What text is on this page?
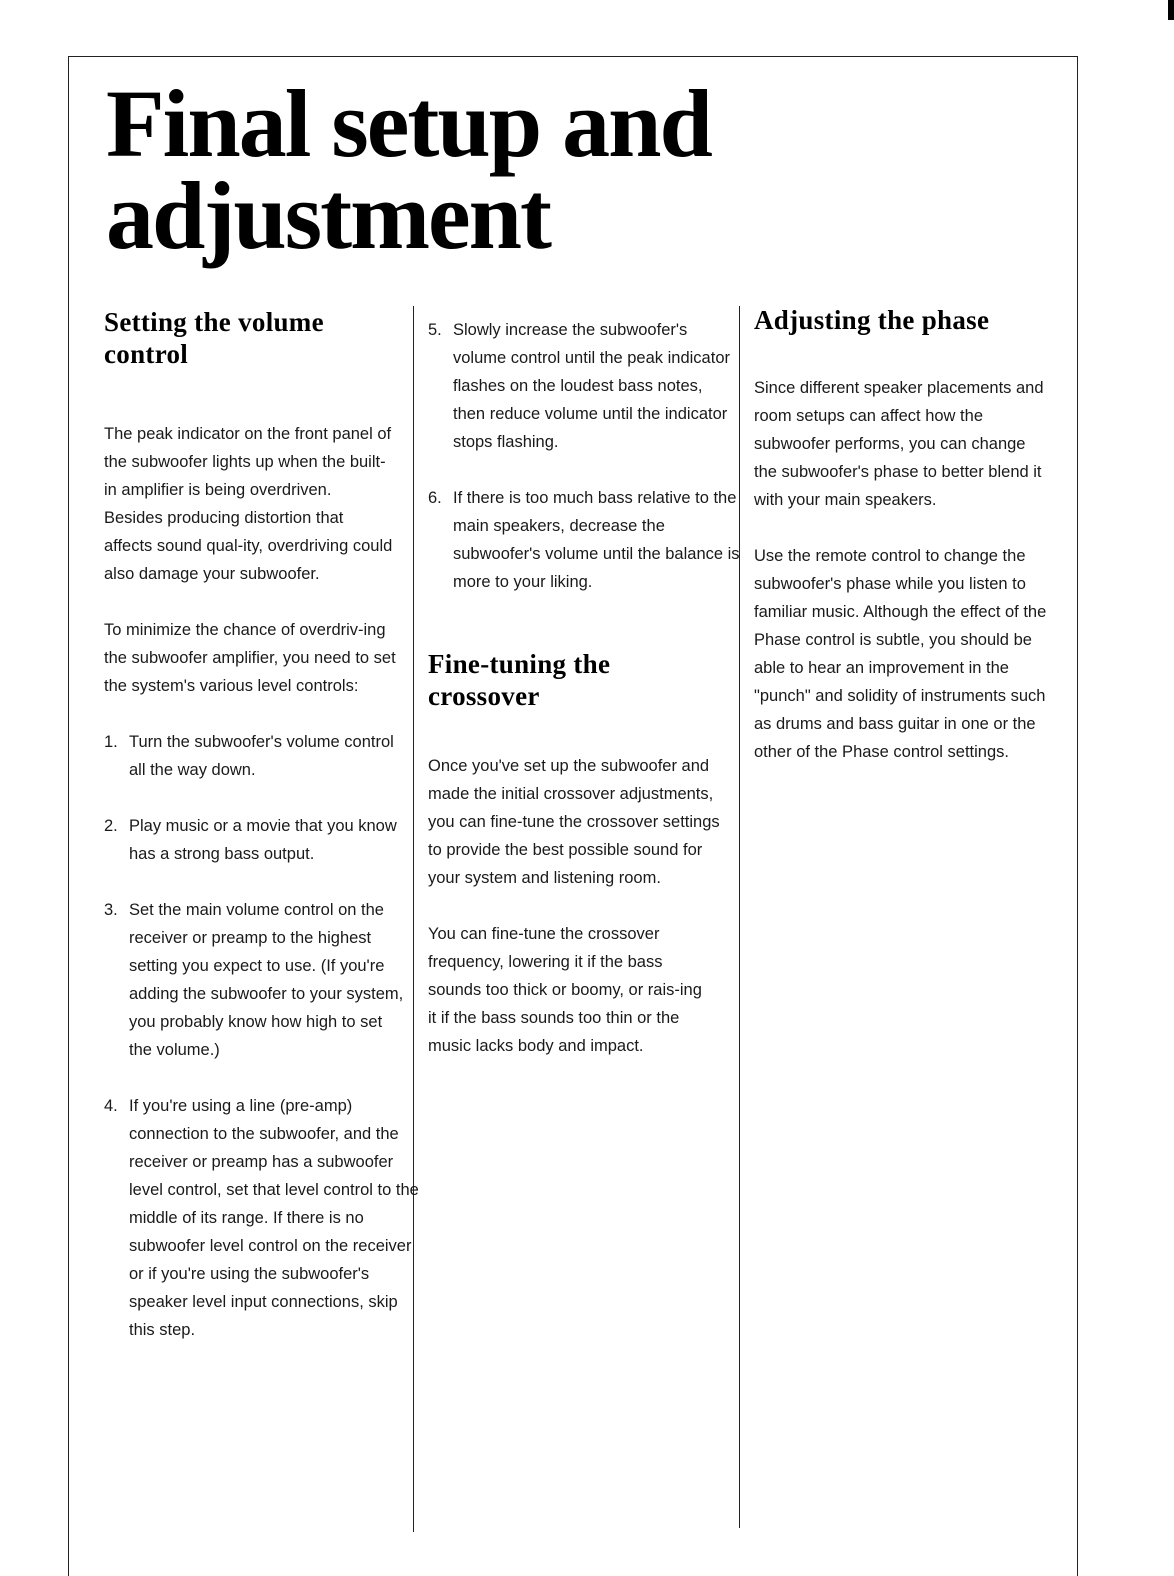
Final setup and
adjustment
Setting the volume control

The peak indicator on the front panel of the subwoofer lights up when the built-in amplifier is being overdriven. Besides producing distortion that affects sound qual-ity, overdriving could also damage your subwoofer.

To minimize the chance of overdriv-ing the subwoofer amplifier, you need to set the system's various level controls:

1. Turn the subwoofer's volume control all the way down.
2. Play music or a movie that you know has a strong bass output.
3. Set the main volume control on the receiver or preamp to the highest setting you expect to use. (If you're adding the subwoofer to your system, you probably know how high to set the volume.)
4. If you're using a line (pre-amp) connection to the subwoofer, and the receiver or preamp has a subwoofer level control, set that level control to the middle of its range. If there is no subwoofer level control on the receiver or if you're using the subwoofer's speaker level input connections, skip this step.
5. Slowly increase the subwoofer's volume control until the peak indicator flashes on the loudest bass notes, then reduce volume until the indicator stops flashing.
6. If there is too much bass relative to the main speakers, decrease the subwoofer's volume until the balance is more to your liking.
Fine-tuning the crossover

Once you've set up the subwoofer and made the initial crossover adjustments, you can fine-tune the crossover settings to provide the best possible sound for your system and listening room.

You can fine-tune the crossover frequency, lowering it if the bass sounds too thick or boomy, or rais-ing it if the bass sounds too thin or the music lacks body and impact.

Adjusting the phase

Since different speaker placements and room setups can affect how the subwoofer performs, you can change the subwoofer's phase to better blend it with your main speakers.

Use the remote control to change the subwoofer's phase while you listen to familiar music. Although the effect of the Phase control is subtle, you should be able to hear an improvement in the "punch" and solidity of instruments such as drums and bass guitar in one or the other of the Phase control settings.
